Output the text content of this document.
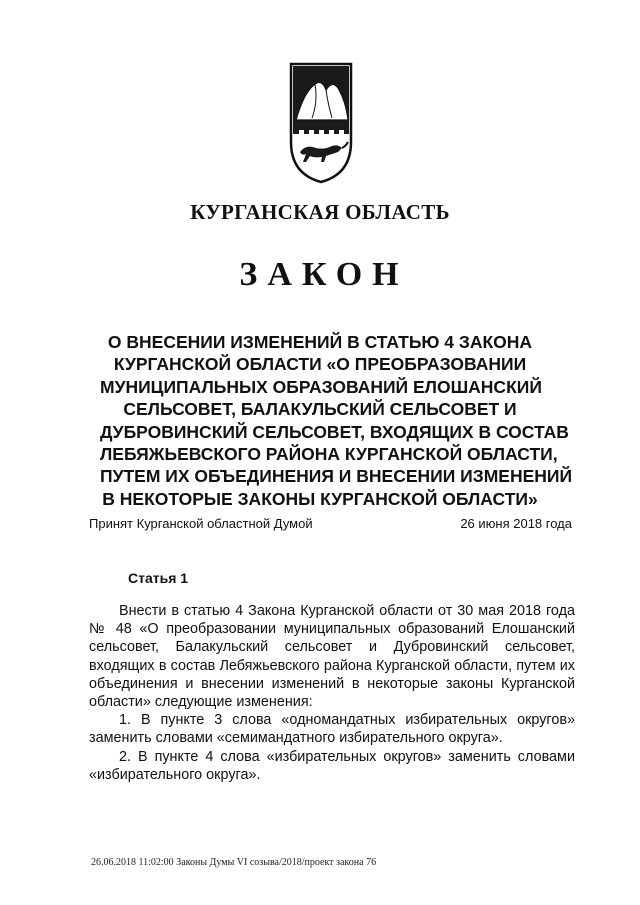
КУРГАНСКАЯ ОБЛАСТЬ
ЗАКОН
О ВНЕСЕНИИ ИЗМЕНЕНИЙ В СТАТЬЮ 4 ЗАКОНА
КУРГАНСКОЙ ОБЛАСТИ «О ПРЕОБРАЗОВАНИИ
МУНИЦИПАЛЬНЫХ ОБРАЗОВАНИЙ ЕЛОШАНСКИЙ
СЕЛЬСОВЕТ, БАЛАКУЛЬСКИЙ СЕЛЬСОВЕТ И
ДУБРОВИНСКИЙ СЕЛЬСОВЕТ, ВХОДЯЩИХ В СОСТАВ
ЛЕБЯЖЬЕВСКОГО РАЙОНА КУРГАНСКОЙ ОБЛАСТИ,
ПУТЕМ ИХ ОБЪЕДИНЕНИЯ И ВНЕСЕНИИ ИЗМЕНЕНИЙ
В НЕКОТОРЫЕ ЗАКОНЫ КУРГАНСКОЙ ОБЛАСТИ»
Принят Курганской областной Думой	26 июня 2018 года
Статья 1

Внести в статью 4 Закона Курганской области от 30 мая 2018 года № 48 «О преобразовании муниципальных образований Елошанский сельсовет, Балакульский сельсовет и Дубровинский сельсовет, входящих в состав Лебяжьевского района Курганской области, путем их объединения и внесении изменений в некоторые законы Курганской области» следующие изменения:

1. В пункте 3 слова «одномандатных избирательных округов» заменить словами «семимандатного избирательного округа».

2. В пункте 4 слова «избирательных округов» заменить словами «избирательного округа».

26.06.2018 11:02:00 Законы Думы VI созыва/2018/проект закона 76
